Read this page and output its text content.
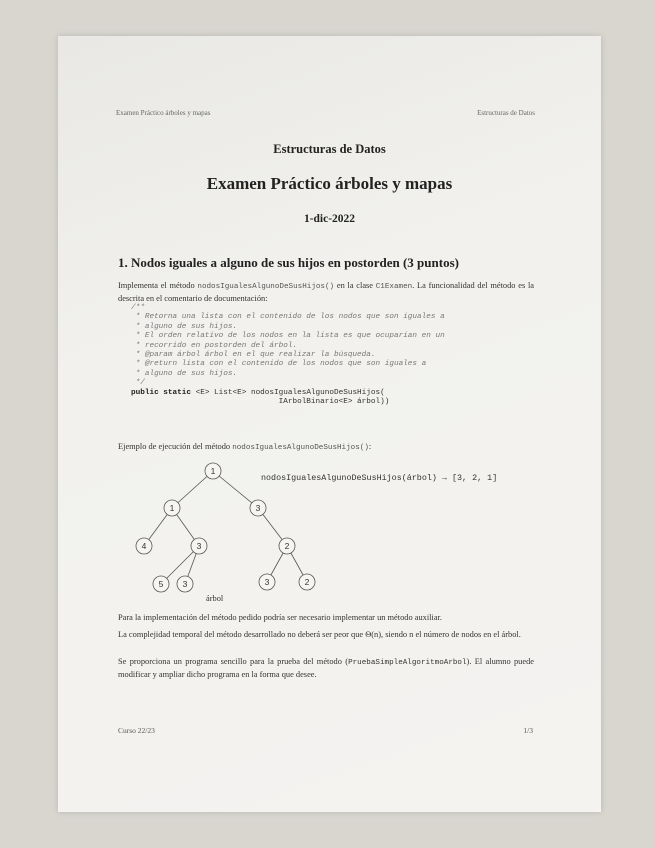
Examen Práctico árboles y mapas	Estructuras de Datos
Estructuras de Datos
Examen Práctico árboles y mapas
1-dic-2022
1. Nodos iguales a alguno de sus hijos en postorden (3 puntos)
Implementa el método nodosIgualesAlgunoDeSusHijos() en la clase C1Examen. La funcionalidad del método es la descrita en el comentario de documentación:
/**
* Retorna una lista con el contenido de los nodos que son iguales a
* alguno de sus hijos.
* El orden relativo de los nodos en la lista es que ocuparían en un
* recorrido en postorden del árbol.
* @param árbol árbol en el que realizar la búsqueda.
* @return lista con el contenido de los nodos que son iguales a
* alguno de sus hijos.
*/
public static <E> List<E> nodosIgualesAlgunoDeSusHijos(
IArbolBinario<E> árbol))
Ejemplo de ejecución del método nodosIgualesAlgunoDeSusHijos():
nodosIgualesAlgunoDeSusHijos(árbol) → [3, 2, 1]
1
1	3
4	3	2
5 3	3	2
árbol
Para la implementación del método pedido podría ser necesario implementar un método auxiliar.
La complejidad temporal del método desarrollado no deberá ser peor que Θ(n), siendo n el número de nodos en el árbol.
Se proporciona un programa sencillo para la prueba del método (PruebaSimpleAlgoritmoArbol). El alumno puede modificar y ampliar dicho programa en la forma que desee.
Curso 22/23	1/3
